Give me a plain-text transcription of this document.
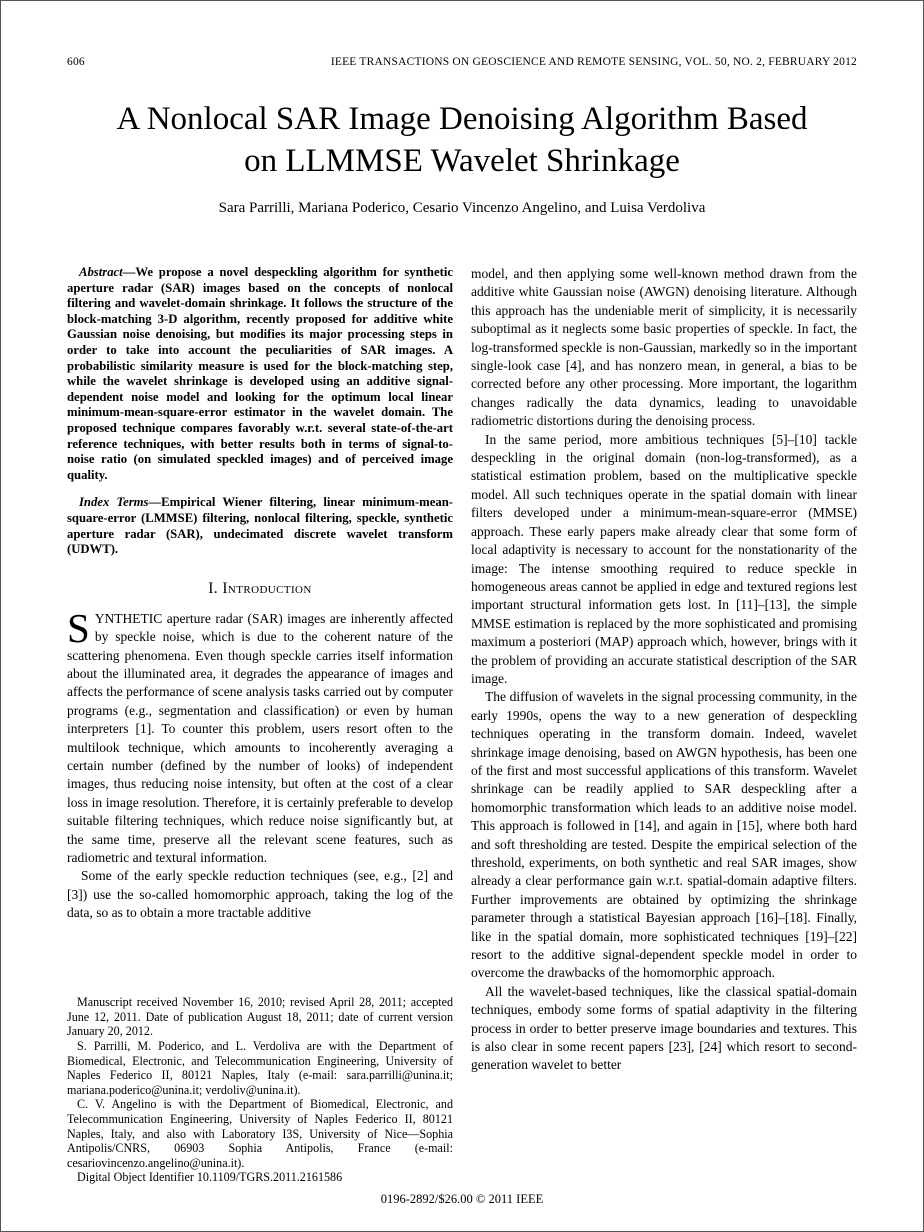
606	IEEE TRANSACTIONS ON GEOSCIENCE AND REMOTE SENSING, VOL. 50, NO. 2, FEBRUARY 2012
A Nonlocal SAR Image Denoising Algorithm Based
on LLMMSE Wavelet Shrinkage
Sara Parrilli, Mariana Poderico, Cesario Vincenzo Angelino, and Luisa Verdoliva

Abstract—We propose a novel despeckling algorithm for synthetic aperture radar (SAR) images based on the concepts of nonlocal filtering and wavelet-domain shrinkage. It follows the structure of the block-matching 3-D algorithm, recently proposed for additive white Gaussian noise denoising, but modifies its major processing steps in order to take into account the peculiarities of SAR images. A probabilistic similarity measure is used for the block-matching step, while the wavelet shrinkage is developed using an additive signal-dependent noise model and looking for the optimum local linear minimum-mean-square-error estimator in the wavelet domain. The proposed technique compares favorably w.r.t. several state-of-the-art reference techniques, with better results both in terms of signal-to-noise ratio (on simulated speckled images) and of perceived image quality.

Index Terms—Empirical Wiener filtering, linear minimum-mean-square-error (LMMSE) filtering, nonlocal filtering, speckle, synthetic aperture radar (SAR), undecimated discrete wavelet transform (UDWT).

I. Introduction

SYNTHETIC aperture radar (SAR) images are inherently affected by speckle noise, which is due to the coherent nature of the scattering phenomena. Even though speckle carries itself information about the illuminated area, it degrades the appearance of images and affects the performance of scene analysis tasks carried out by computer programs (e.g., segmentation and classification) or even by human interpreters [1]. To counter this problem, users resort often to the multilook technique, which amounts to incoherently averaging a certain number (defined by the number of looks) of independent images, thus reducing noise intensity, but often at the cost of a clear loss in image resolution. Therefore, it is certainly preferable to develop suitable filtering techniques, which reduce noise significantly but, at the same time, preserve all the relevant scene features, such as radiometric and textural information.

Some of the early speckle reduction techniques (see, e.g., [2] and [3]) use the so-called homomorphic approach, taking the log of the data, so as to obtain a more tractable additive

Manuscript received November 16, 2010; revised April 28, 2011; accepted June 12, 2011. Date of publication August 18, 2011; date of current version January 20, 2012.

S. Parrilli, M. Poderico, and L. Verdoliva are with the Department of Biomedical, Electronic, and Telecommunication Engineering, University of Naples Federico II, 80121 Naples, Italy (e-mail: sara.parrilli@unina.it; mariana.poderico@unina.it; verdoliv@unina.it).

C. V. Angelino is with the Department of Biomedical, Electronic, and Telecommunication Engineering, University of Naples Federico II, 80121 Naples, Italy, and also with Laboratory I3S, University of Nice—Sophia Antipolis/CNRS, 06903 Sophia Antipolis, France (e-mail: cesariovincenzo.angelino@unina.it).

Digital Object Identifier 10.1109/TGRS.2011.2161586

model, and then applying some well-known method drawn from the additive white Gaussian noise (AWGN) denoising literature. Although this approach has the undeniable merit of simplicity, it is necessarily suboptimal as it neglects some basic properties of speckle. In fact, the log-transformed speckle is non-Gaussian, markedly so in the important single-look case [4], and has nonzero mean, in general, a bias to be corrected before any other processing. More important, the logarithm changes radically the data dynamics, leading to unavoidable radiometric distortions during the denoising process.

In the same period, more ambitious techniques [5]–[10] tackle despeckling in the original domain (non-log-transformed), as a statistical estimation problem, based on the multiplicative speckle model. All such techniques operate in the spatial domain with linear filters developed under a minimum-mean-square-error (MMSE) approach. These early papers make already clear that some form of local adaptivity is necessary to account for the nonstationarity of the image: The intense smoothing required to reduce speckle in homogeneous areas cannot be applied in edge and textured regions lest important structural information gets lost. In [11]–[13], the simple MMSE estimation is replaced by the more sophisticated and promising maximum a posteriori (MAP) approach which, however, brings with it the problem of providing an accurate statistical description of the SAR image.

The diffusion of wavelets in the signal processing community, in the early 1990s, opens the way to a new generation of despeckling techniques operating in the transform domain. Indeed, wavelet shrinkage image denoising, based on AWGN hypothesis, has been one of the first and most successful applications of this transform. Wavelet shrinkage can be readily applied to SAR despeckling after a homomorphic transformation which leads to an additive noise model. This approach is followed in [14], and again in [15], where both hard and soft thresholding are tested. Despite the empirical selection of the threshold, experiments, on both synthetic and real SAR images, show already a clear performance gain w.r.t. spatial-domain adaptive filters. Further improvements are obtained by optimizing the shrinkage parameter through a statistical Bayesian approach [16]–[18]. Finally, like in the spatial domain, more sophisticated techniques [19]–[22] resort to the additive signal-dependent speckle model in order to overcome the drawbacks of the homomorphic approach.

All the wavelet-based techniques, like the classical spatial-domain techniques, embody some forms of spatial adaptivity in the filtering process in order to better preserve image boundaries and textures. This is also clear in some recent papers [23], [24] which resort to second-generation wavelet to better

0196-2892/$26.00 © 2011 IEEE
